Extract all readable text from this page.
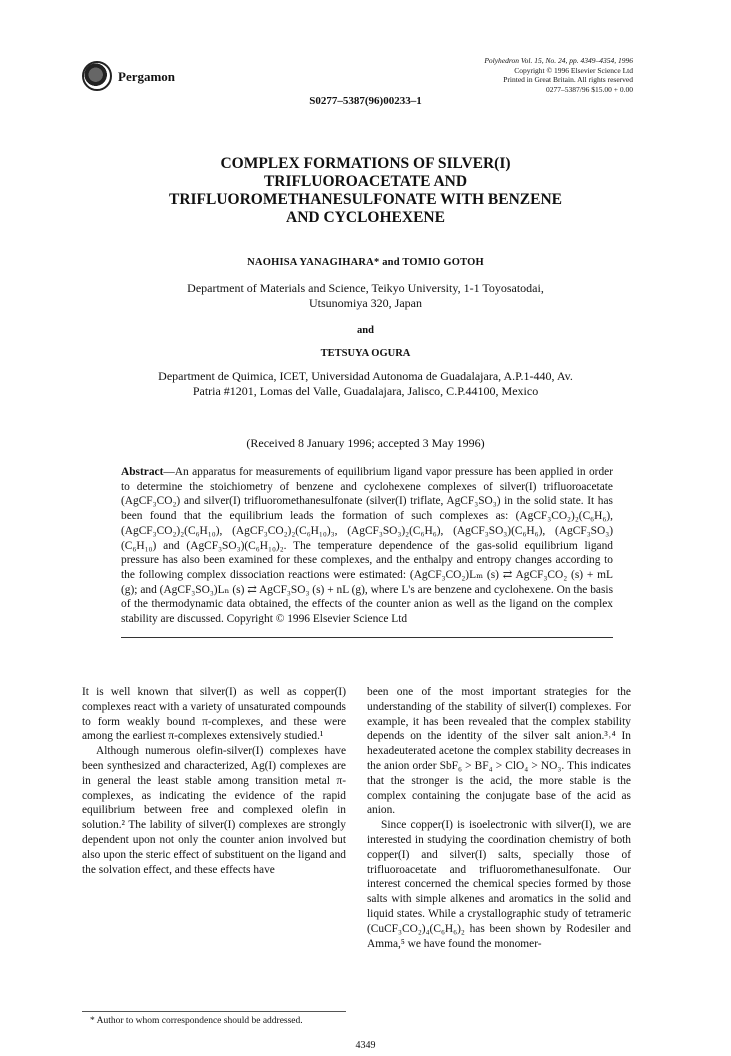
Pergamon
Polyhedron Vol. 15, No. 24, pp. 4349–4354, 1996
Copyright © 1996 Elsevier Science Ltd
Printed in Great Britain. All rights reserved
0277–5387/96 $15.00 + 0.00
S0277–5387(96)00233–1
COMPLEX FORMATIONS OF SILVER(I)
TRIFLUOROACETATE AND
TRIFLUOROMETHANESULFONATE WITH BENZENE
AND CYCLOHEXENE
NAOHISA YANAGIHARA* and TOMIO GOTOH
Department of Materials and Science, Teikyo University, 1-1 Toyosatodai,
Utsunomiya 320, Japan
and
TETSUYA OGURA
Department de Quimica, ICET, Universidad Autonoma de Guadalajara, A.P.1-440, Av.
Patria #1201, Lomas del Valle, Guadalajara, Jalisco, C.P.44100, Mexico
(Received 8 January 1996; accepted 3 May 1996)
Abstract—An apparatus for measurements of equilibrium ligand vapor pressure has been applied in order to determine the stoichiometry of benzene and cyclohexene complexes of silver(I) trifluoroacetate (AgCF₃CO₂) and silver(I) trifluoromethanesulfonate (silver(I) triflate, AgCF₃SO₃) in the solid state. It has been found that the equilibrium leads the formation of such complexes as: (AgCF₃CO₂)₂(C₆H₆), (AgCF₃CO₂)₂(C₆H₁₀), (AgCF₃CO₂)₂(C₆H₁₀)₃, (AgCF₃SO₃)₂(C₆H₆), (AgCF₃SO₃)(C₆H₆), (AgCF₃SO₃)(C₆H₁₀) and (AgCF₃SO₃)(C₆H₁₀)₂. The temperature dependence of the gas-solid equilibrium ligand pressure has also been examined for these complexes, and the enthalpy and entropy changes according to the following complex dissociation reactions were estimated: (AgCF₃CO₂)Lₘ (s) ⇄ AgCF₃CO₂ (s) + mL (g); and (AgCF₃SO₃)Lₙ (s) ⇄ AgCF₃SO₃ (s) + nL (g), where L's are benzene and cyclohexene. On the basis of the thermodynamic data obtained, the effects of the counter anion as well as the ligand on the complex stability are discussed. Copyright © 1996 Elsevier Science Ltd

It is well known that silver(I) as well as copper(I) complexes react with a variety of unsaturated compounds to form weakly bound π-complexes, and these were among the earliest π-complexes extensively studied.¹

Although numerous olefin-silver(I) complexes have been synthesized and characterized, Ag(I) complexes are in general the least stable among transition metal π-complexes, as indicating the evidence of the rapid equilibrium between free and complexed olefin in solution.² The lability of silver(I) complexes are strongly dependent upon not only the counter anion involved but also upon the steric effect of substituent on the ligand and the solvation effect, and these effects have

been one of the most important strategies for the understanding of the stability of silver(I) complexes. For example, it has been revealed that the complex stability depends on the identity of the silver salt anion.³˒⁴ In hexadeuterated acetone the complex stability decreases in the anion order SbF₆ > BF₄ > ClO₄ > NO₃. This indicates that the stronger is the acid, the more stable is the complex containing the conjugate base of the acid as anion.

Since copper(I) is isoelectronic with silver(I), we are interested in studying the coordination chemistry of both copper(I) and silver(I) salts, specially those of trifluoroacetate and trifluoromethanesulfonate. Our interest concerned the chemical species formed by those salts with simple alkenes and aromatics in the solid and liquid states. While a crystallographic study of tetrameric (CuCF₃CO₂)₄(C₆H₆)₂ has been shown by Rodesiler and Amma,⁵ we have found the monomer-

* Author to whom correspondence should be addressed.
4349
